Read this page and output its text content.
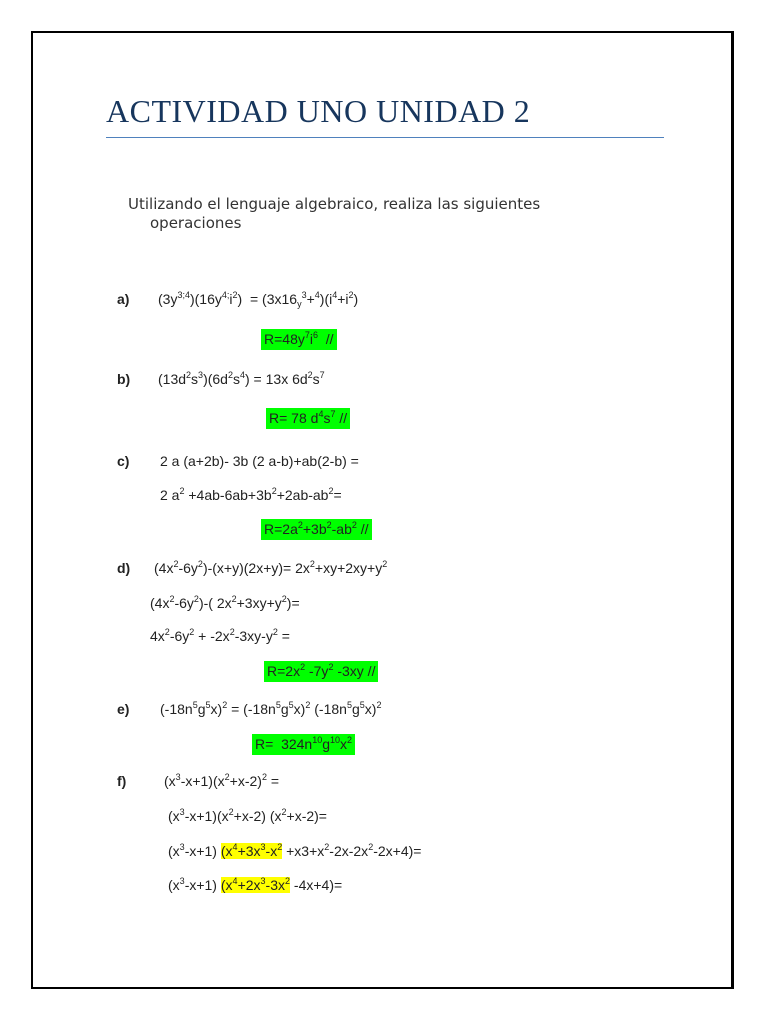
ACTIVIDAD UNO UNIDAD 2
Utilizando el lenguaje algebraico, realiza las siguientes
operaciones
a) $(3y^{3;4})(16y^{4;}i^2) = (3x16_y^3+^4)(i^4+i^2)$
$R=48y^7i^6$  //
b) $(13d^2s^3)(6d^2s^4) = 13x$ $6d^2s^7$
R= 78 $d^4s^7$ //
c) 2 a (a+2b)- 3b (2 a-b)+ab(2-b) =
2 $a^2 +4ab-6ab+3b^2+2ab-ab^2=$
$R=2a^2+3b^2-ab^2$ //
d) $(4x^2-6y^2)-(x+y)(2x+y)= 2x^2+xy+2xy+y^2$
$(4x^2-6y^2)-$( $2x^2+3xy+y^2)=$
$4x^2-6y^2 + -2x^2-3xy-y^2$ =
$R=2x^2$ $-7y^2$ -3xy //
e) $(-18n^5g^5x)^2 = (-18n^5g^5x)^2$ $(-18n^5g^5x)^2$
$R= 324n^{10}g^{10}x^2$
f)	$(x^3-x+1)(x^2+x-2)^2$ =
$(x^3-x+1)(x^2+x-2)$ $(x^2+x-2)=$
$(x^3-x+1)$ $(x^4+3x^3-x^2 +x3+x^2-2x-2x^2-2x+4)=$
$(x^3-x+1)$ ($x^4+2x^3-3x^2$ -4x+4)=
